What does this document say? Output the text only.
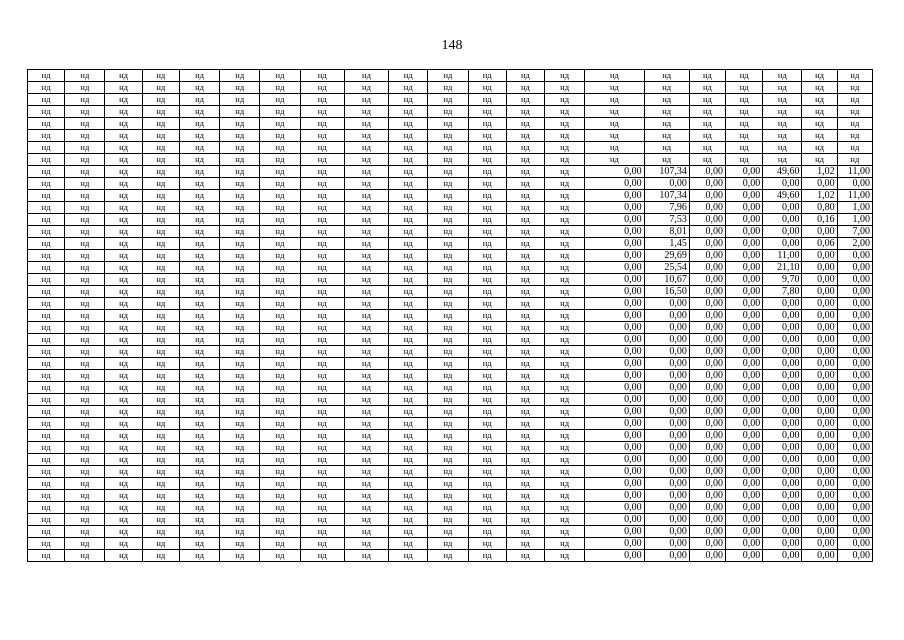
148
нд	нд	нд	нд	нд	нд	нд	нд	нд	нд	нд	нд	нд	нд	нд	нд	нд	нд	нд	нд	нд
нд	нд	нд	нд	нд	нд	нд	нд	нд	нд	нд	нд	нд	нд	нд	нд	нд	нд	нд	нд	нд
нд	нд	нд	нд	нд	нд	нд	нд	нд	нд	нд	нд	нд	нд	нд	нд	нд	нд	нд	нд	нд
нд	нд	нд	нд	нд	нд	нд	нд	нд	нд	нд	нд	нд	нд	нд	нд	нд	нд	нд	нд	нд
нд	нд	нд	нд	нд	нд	нд	нд	нд	нд	нд	нд	нд	нд	нд	нд	нд	нд	нд	нд	нд
нд	нд	нд	нд	нд	нд	нд	нд	нд	нд	нд	нд	нд	нд	нд	нд	нд	нд	нд	нд	нд
нд	нд	нд	нд	нд	нд	нд	нд	нд	нд	нд	нд	нд	нд	нд	нд	нд	нд	нд	нд	нд
нд	нд	нд	нд	нд	нд	нд	нд	нд	нд	нд	нд	нд	нд	нд	нд	нд	нд	нд	нд	нд
нд	нд	нд	нд	нд	нд	нд	нд	нд	нд	нд	нд	нд	нд	0,00	107,34	0,00	0,00	49,60	1,02	11,00
нд	нд	нд	нд	нд	нд	нд	нд	нд	нд	нд	нд	нд	нд	0,00	0,00	0,00	0,00	0,00	0,00	0,00
нд	нд	нд	нд	нд	нд	нд	нд	нд	нд	нд	нд	нд	нд	0,00	107,34	0,00	0,00	49,60	1,02	11,00
нд	нд	нд	нд	нд	нд	нд	нд	нд	нд	нд	нд	нд	нд	0,00	7,96	0,00	0,00	0,00	0,80	1,00
нд	нд	нд	нд	нд	нд	нд	нд	нд	нд	нд	нд	нд	нд	0,00	7,53	0,00	0,00	0,00	0,16	1,00
нд	нд	нд	нд	нд	нд	нд	нд	нд	нд	нд	нд	нд	нд	0,00	8,01	0,00	0,00	0,00	0,00	7,00
нд	нд	нд	нд	нд	нд	нд	нд	нд	нд	нд	нд	нд	нд	0,00	1,45	0,00	0,00	0,00	0,06	2,00
нд	нд	нд	нд	нд	нд	нд	нд	нд	нд	нд	нд	нд	нд	0,00	29,69	0,00	0,00	11,00	0,00	0,00
нд	нд	нд	нд	нд	нд	нд	нд	нд	нд	нд	нд	нд	нд	0,00	25,54	0,00	0,00	21,10	0,00	0,00
нд	нд	нд	нд	нд	нд	нд	нд	нд	нд	нд	нд	нд	нд	0,00	10,67	0,00	0,00	9,70	0,00	0,00
нд	нд	нд	нд	нд	нд	нд	нд	нд	нд	нд	нд	нд	нд	0,00	16,50	0,00	0,00	7,80	0,00	0,00
нд	нд	нд	нд	нд	нд	нд	нд	нд	нд	нд	нд	нд	нд	0,00	0,00	0,00	0,00	0,00	0,00	0,00
нд	нд	нд	нд	нд	нд	нд	нд	нд	нд	нд	нд	нд	нд	0,00	0,00	0,00	0,00	0,00	0,00	0,00
нд	нд	нд	нд	нд	нд	нд	нд	нд	нд	нд	нд	нд	нд	0,00	0,00	0,00	0,00	0,00	0,00	0,00
нд	нд	нд	нд	нд	нд	нд	нд	нд	нд	нд	нд	нд	нд	0,00	0,00	0,00	0,00	0,00	0,00	0,00
нд	нд	нд	нд	нд	нд	нд	нд	нд	нд	нд	нд	нд	нд	0,00	0,00	0,00	0,00	0,00	0,00	0,00
нд	нд	нд	нд	нд	нд	нд	нд	нд	нд	нд	нд	нд	нд	0,00	0,00	0,00	0,00	0,00	0,00	0,00
нд	нд	нд	нд	нд	нд	нд	нд	нд	нд	нд	нд	нд	нд	0,00	0,00	0,00	0,00	0,00	0,00	0,00
нд	нд	нд	нд	нд	нд	нд	нд	нд	нд	нд	нд	нд	нд	0,00	0,00	0,00	0,00	0,00	0,00	0,00
нд	нд	нд	нд	нд	нд	нд	нд	нд	нд	нд	нд	нд	нд	0,00	0,00	0,00	0,00	0,00	0,00	0,00
нд	нд	нд	нд	нд	нд	нд	нд	нд	нд	нд	нд	нд	нд	0,00	0,00	0,00	0,00	0,00	0,00	0,00
нд	нд	нд	нд	нд	нд	нд	нд	нд	нд	нд	нд	нд	нд	0,00	0,00	0,00	0,00	0,00	0,00	0,00
нд	нд	нд	нд	нд	нд	нд	нд	нд	нд	нд	нд	нд	нд	0,00	0,00	0,00	0,00	0,00	0,00	0,00
нд	нд	нд	нд	нд	нд	нд	нд	нд	нд	нд	нд	нд	нд	0,00	0,00	0,00	0,00	0,00	0,00	0,00
нд	нд	нд	нд	нд	нд	нд	нд	нд	нд	нд	нд	нд	нд	0,00	0,00	0,00	0,00	0,00	0,00	0,00
нд	нд	нд	нд	нд	нд	нд	нд	нд	нд	нд	нд	нд	нд	0,00	0,00	0,00	0,00	0,00	0,00	0,00
нд	нд	нд	нд	нд	нд	нд	нд	нд	нд	нд	нд	нд	нд	0,00	0,00	0,00	0,00	0,00	0,00	0,00
нд	нд	нд	нд	нд	нд	нд	нд	нд	нд	нд	нд	нд	нд	0,00	0,00	0,00	0,00	0,00	0,00	0,00
нд	нд	нд	нд	нд	нд	нд	нд	нд	нд	нд	нд	нд	нд	0,00	0,00	0,00	0,00	0,00	0,00	0,00
нд	нд	нд	нд	нд	нд	нд	нд	нд	нд	нд	нд	нд	нд	0,00	0,00	0,00	0,00	0,00	0,00	0,00
нд	нд	нд	нд	нд	нд	нд	нд	нд	нд	нд	нд	нд	нд	0,00	0,00	0,00	0,00	0,00	0,00	0,00
нд	нд	нд	нд	нд	нд	нд	нд	нд	нд	нд	нд	нд	нд	0,00	0,00	0,00	0,00	0,00	0,00	0,00
нд	нд	нд	нд	нд	нд	нд	нд	нд	нд	нд	нд	нд	нд	0,00	0,00	0,00	0,00	0,00	0,00	0,00
